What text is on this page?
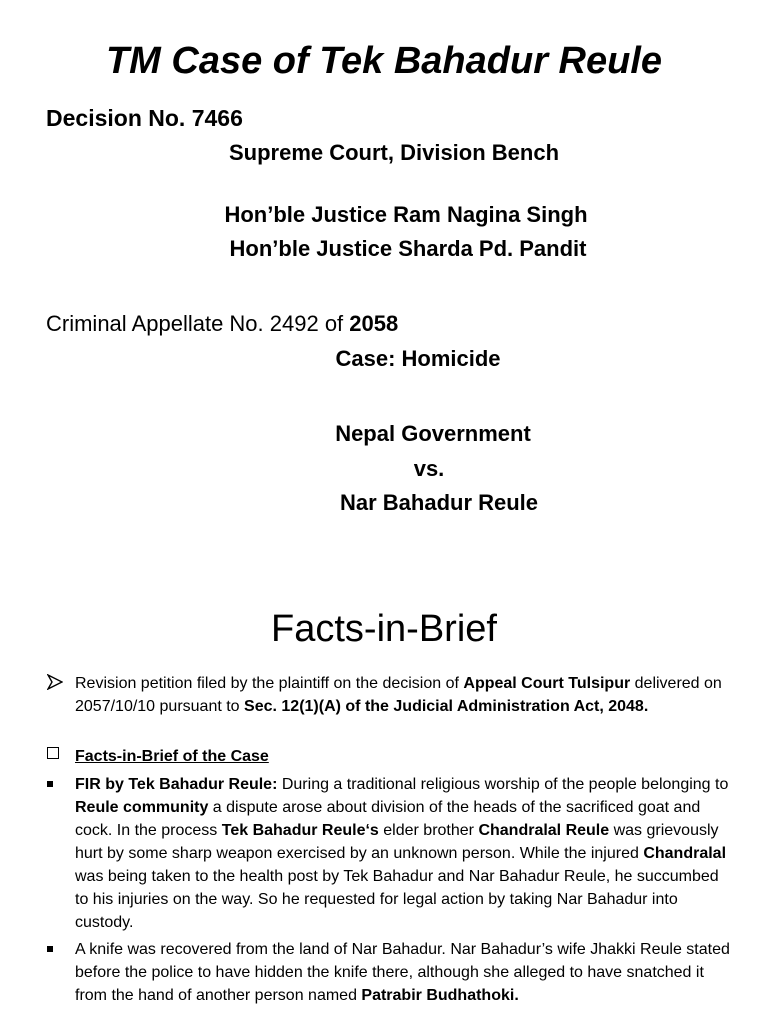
TM Case of Tek Bahadur Reule

Decision No. 7466

Supreme Court, Division Bench

Hon’ble Justice Ram Nagina Singh

Hon’ble Justice Sharda Pd. Pandit

Criminal Appellate No. 2492 of 2058

Case: Homicide

Nepal Government

vs.

Nar Bahadur Reule

Facts-in-Brief

Revision petition filed by the plaintiff on the decision of Appeal Court Tulsipur delivered on 2057/10/10 pursuant to Sec. 12(1)(A) of the Judicial Administration Act, 2048.

Facts-in-Brief of the Case

FIR by Tek Bahadur Reule: During a traditional religious worship of the people belonging to Reule community a dispute arose about division of the heads of the sacrificed goat and cock. In the process Tek Bahadur Reule‘s elder brother Chandralal Reule was grievously hurt by some sharp weapon exercised by an unknown person. While the injured Chandralal was being taken to the health post by Tek Bahadur and Nar Bahadur Reule, he succumbed to his injuries on the way. So he requested for legal action by taking Nar Bahadur into custody.

A knife was recovered from the land of Nar Bahadur. Nar Bahadur’s wife Jhakki Reule stated before the police to have hidden the knife there, although she alleged to have snatched it from the hand of another person named Patrabir Budhathoki.
